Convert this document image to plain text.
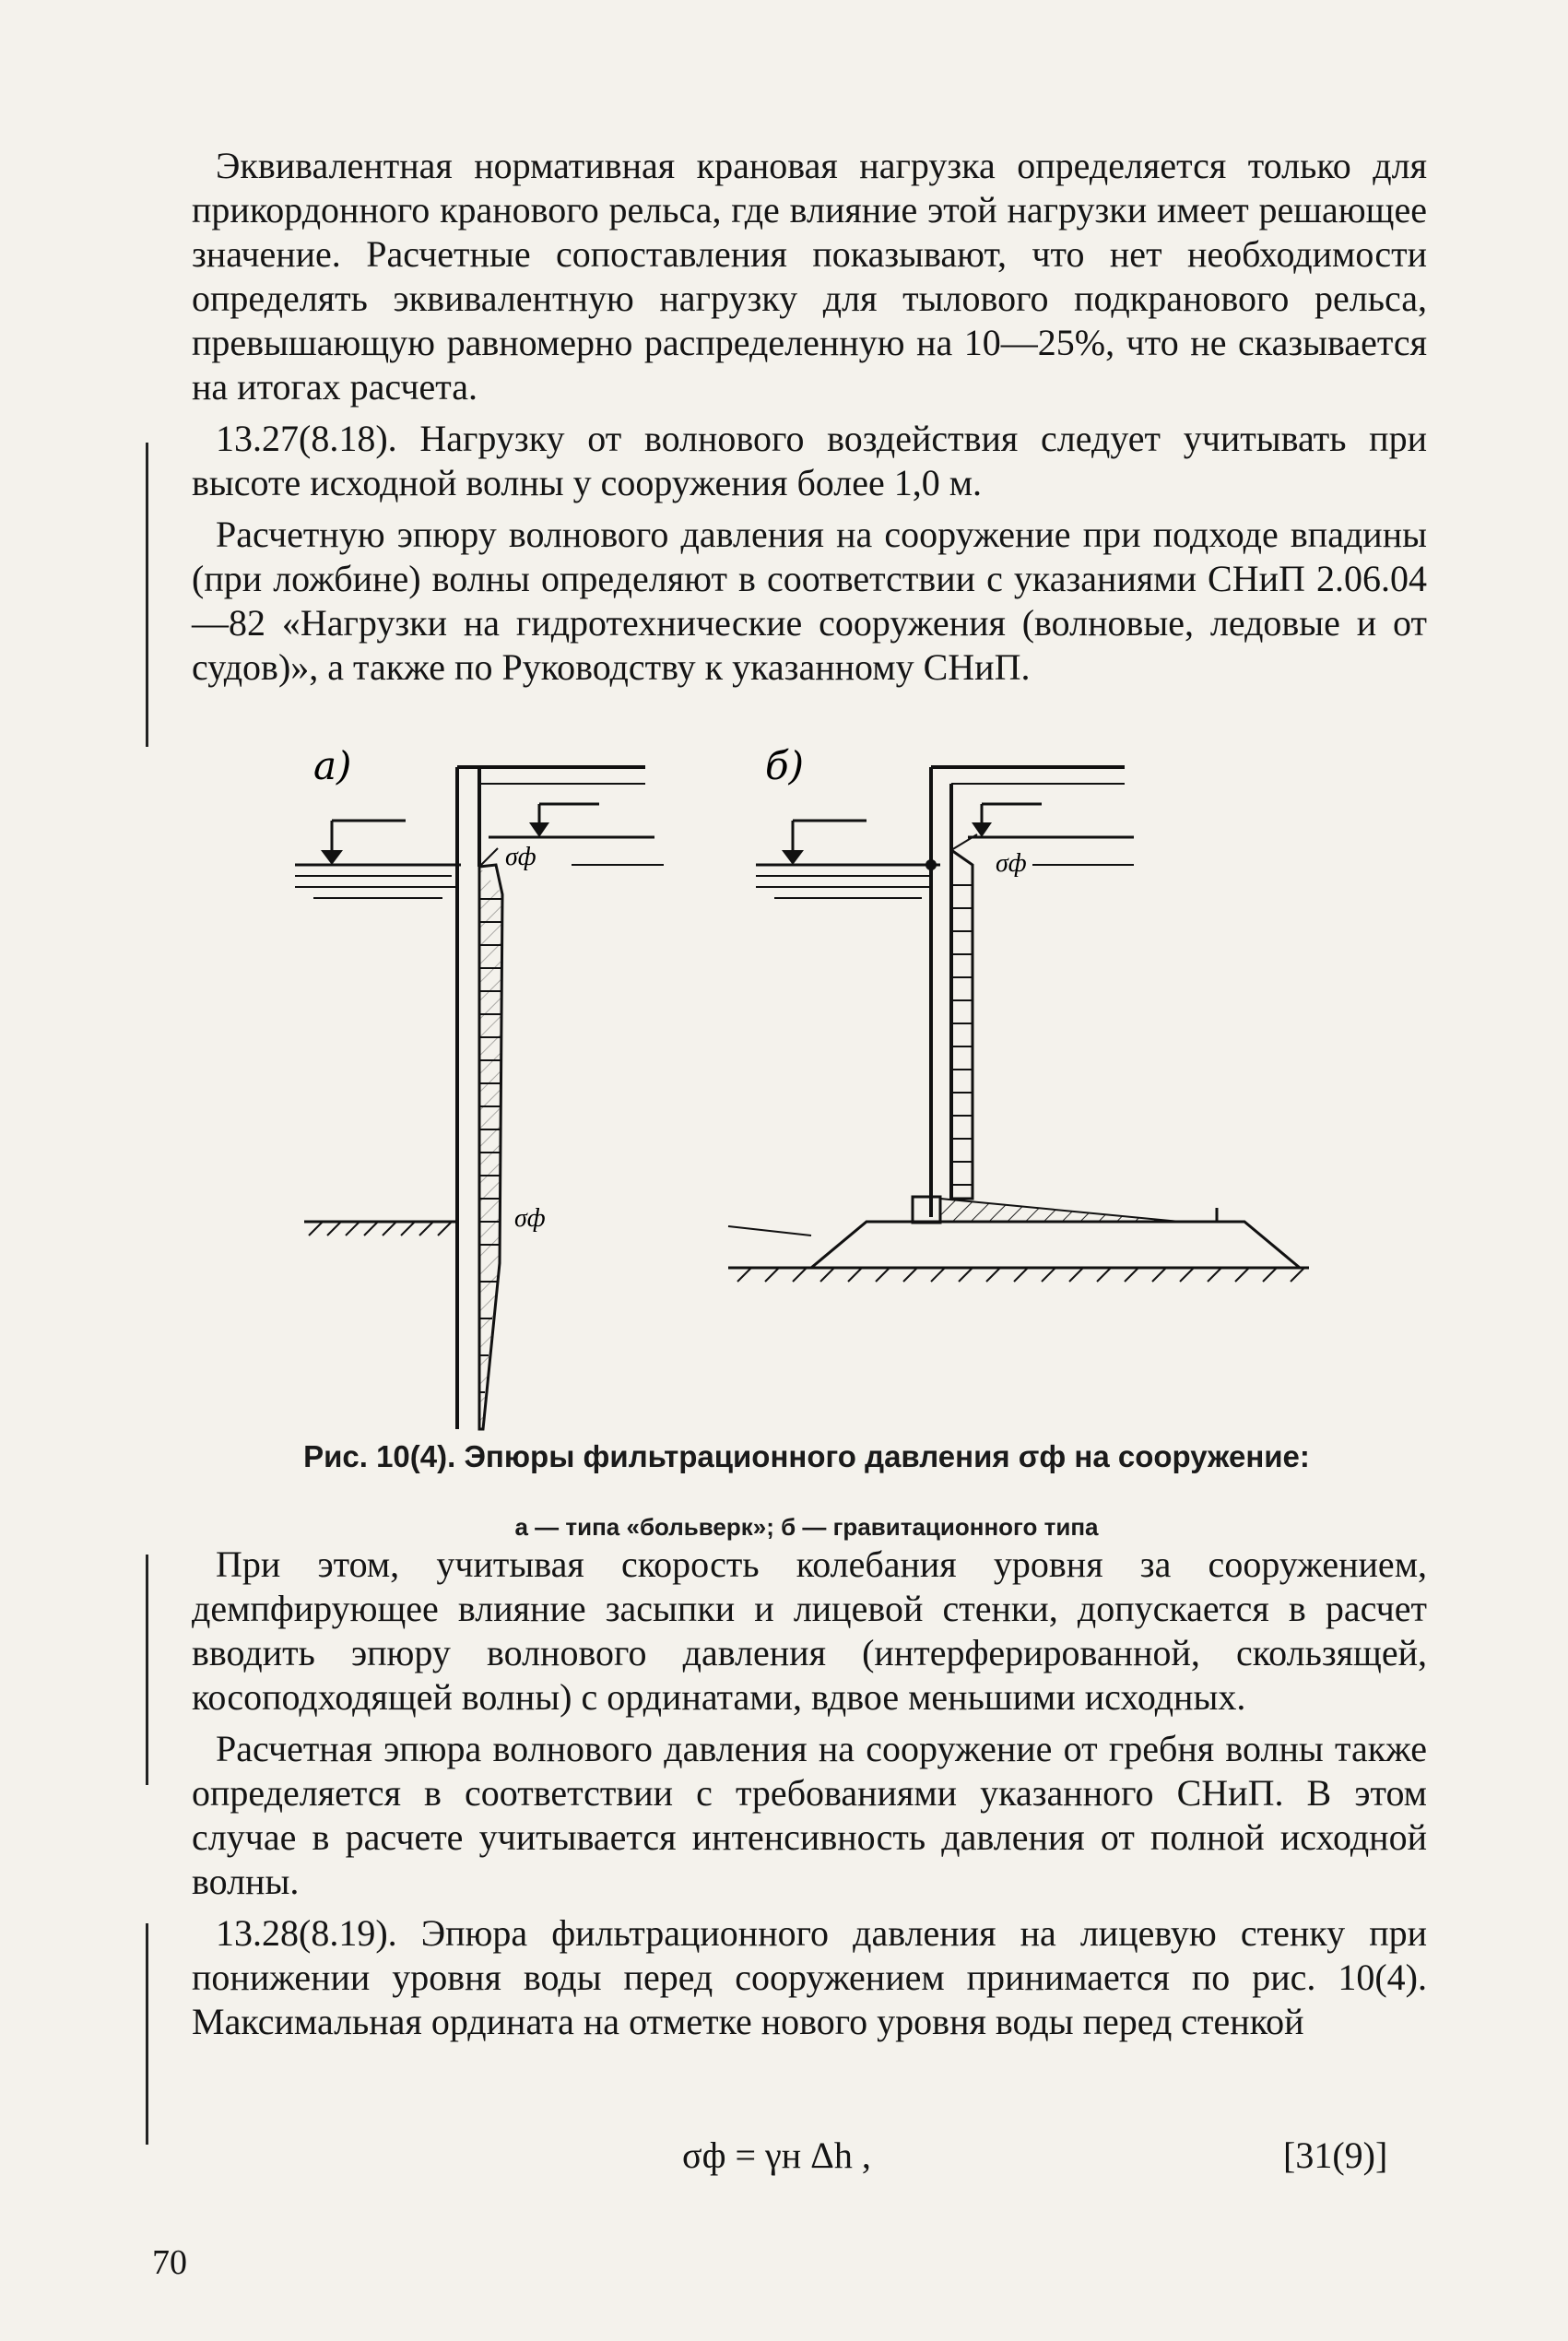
Эквивалентная нормативная крановая нагрузка определяется только для прикордонного кранового рельса, где влияние этой нагрузки имеет решающее значение. Расчетные сопоставления показывают, что нет необходимости определять эквивалентную нагрузку для тылового подкранового рельса, превышающую равномерно распределенную на 10—25%, что не сказывается на итогах расчета.

13.27(8.18). Нагрузку от волнового воздействия следует учитывать при высоте исходной волны у сооружения более 1,0 м.

Расчетную эпюру волнового давления на сооружение при подходе впадины (при ложбине) волны определяют в соответствии с указаниями СНиП 2.06.04—82 «Нагрузки на гидротехнические сооружения (волновые, ледовые и от судов)», а также по Руководству к указанному СНиП.

a)
σф
σф
б)
σф
Рис. 10(4). Эпюры фильтрационного давления σф на сооружение:
а — типа «больверк»; б — гравитационного типа

При этом, учитывая скорость колебания уровня за сооружением, демпфирующее влияние засыпки и лицевой стенки, допускается в расчет вводить эпюру волнового давления (интерферированной, скользящей, косоподходящей волны) с ординатами, вдвое меньшими исходных.

Расчетная эпюра волнового давления на сооружение от гребня волны также определяется в соответствии с требованиями указанного СНиП. В этом случае в расчете учитывается интенсивность давления от полной исходной волны.

13.28(8.19). Эпюра фильтрационного давления на лицевую стенку при понижении уровня воды перед сооружением принимается по рис. 10(4). Максимальная ордината на отметке нового уровня воды перед стенкой

σф = γн Δh ,	[31(9)]
70
